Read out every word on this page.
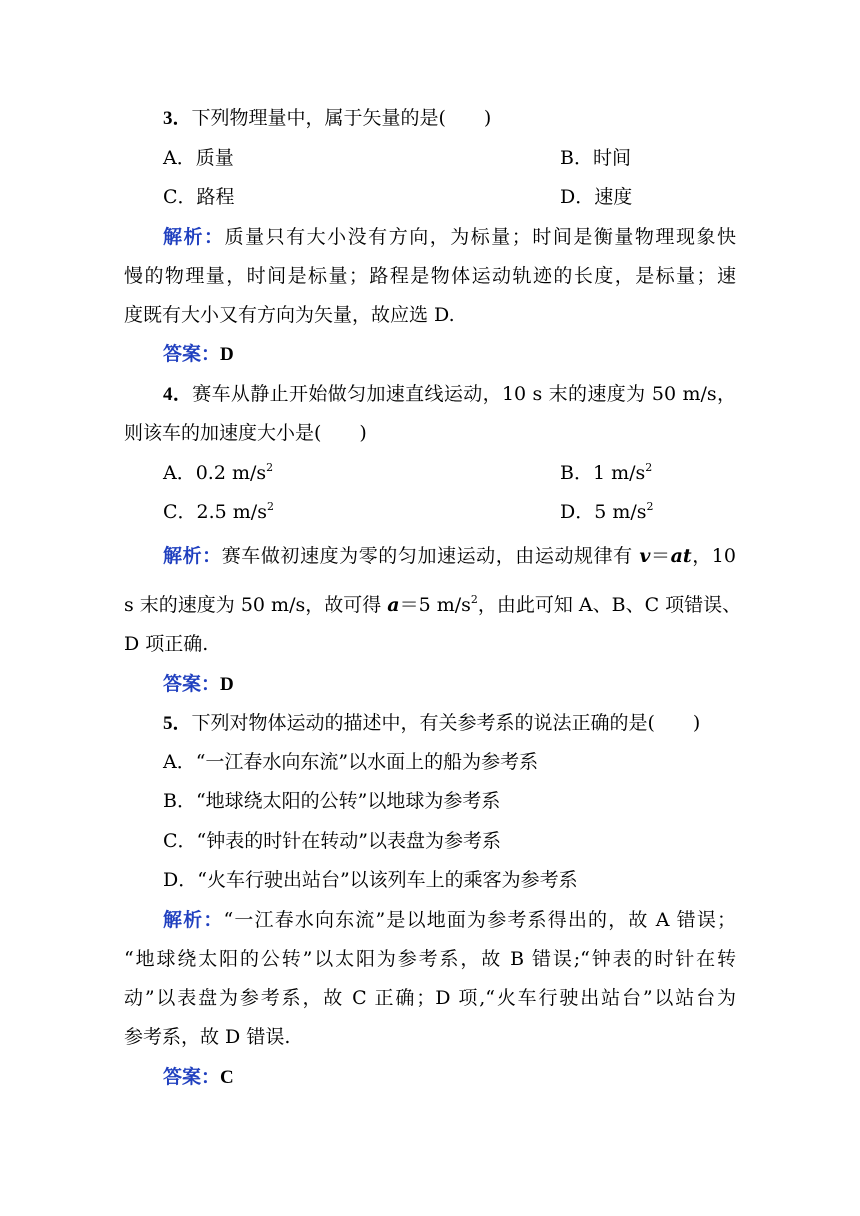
3．下列物理量中，属于矢量的是(　　)
A．质量	B．时间
C．路程	D．速度
解析：质量只有大小没有方向，为标量；时间是衡量物理现象快
慢的物理量，时间是标量；路程是物体运动轨迹的长度，是标量；速
度既有大小又有方向为矢量，故应选 D.
答案：D
4．赛车从静止开始做匀加速直线运动，10 s 末的速度为 50 m/s，
则该车的加速度大小是(　　)
A．0.2 $m/s^2$	B．1 $m/s^2$
C．2.5 $m/s^2$	D．5 $m/s^2$
解析：赛车做初速度为零的匀加速运动，由运动规律有 v＝at，10
s 末的速度为 50 m/s，故可得 a＝5 $m/s^2$，由此可知 A、B、C 项错误、
D 项正确.
答案：D
5．下列对物体运动的描述中，有关参考系的说法正确的是(　　)
A．“一江春水向东流”以水面上的船为参考系
B．“地球绕太阳的公转”以地球为参考系
C．“钟表的时针在转动”以表盘为参考系
D．“火车行驶出站台”以该列车上的乘客为参考系
解析：“一江春水向东流”是以地面为参考系得出的，故 A 错误；
“地球绕太阳的公转”以太阳为参考系，故 B 错误;“钟表的时针在转
动”以表盘为参考系，故 C 正确；D 项,“火车行驶出站台”以站台为
参考系，故 D 错误.
答案：C
